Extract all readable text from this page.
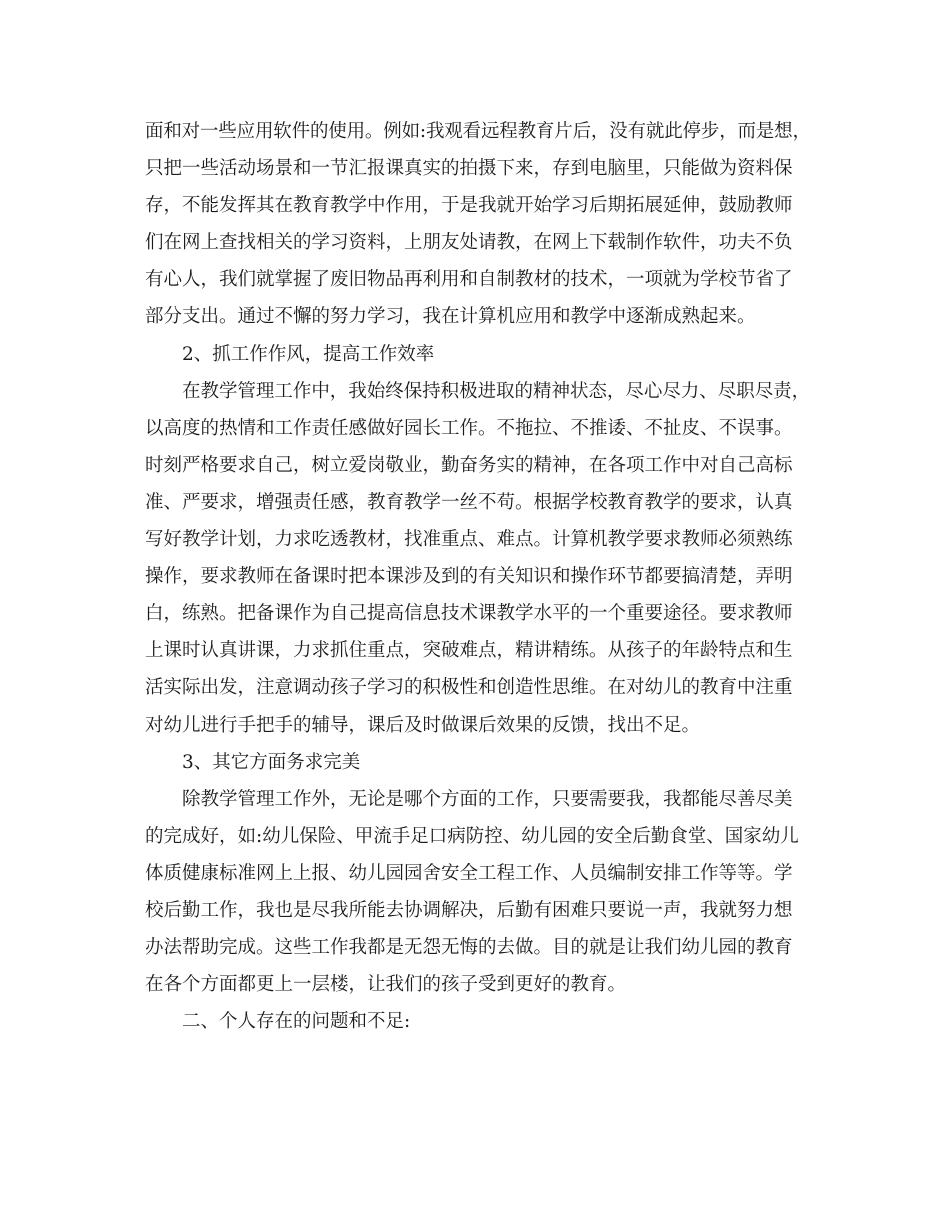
面和对一些应用软件的使用。例如:我观看远程教育片后，没有就此停步，而是想，
只把一些活动场景和一节汇报课真实的拍摄下来，存到电脑里，只能做为资料保
存，不能发挥其在教育教学中作用，于是我就开始学习后期拓展延伸，鼓励教师
们在网上查找相关的学习资料，上朋友处请教，在网上下载制作软件，功夫不负
有心人，我们就掌握了废旧物品再利用和自制教材的技术，一项就为学校节省了
部分支出。通过不懈的努力学习，我在计算机应用和教学中逐渐成熟起来。
2、抓工作作风，提高工作效率
在教学管理工作中，我始终保持积极进取的精神状态，尽心尽力、尽职尽责，
以高度的热情和工作责任感做好园长工作。不拖拉、不推诿、不扯皮、不误事。
时刻严格要求自己，树立爱岗敬业，勤奋务实的精神，在各项工作中对自己高标
准、严要求，增强责任感，教育教学一丝不苟。根据学校教育教学的要求，认真
写好教学计划，力求吃透教材，找准重点、难点。计算机教学要求教师必须熟练
操作，要求教师在备课时把本课涉及到的有关知识和操作环节都要搞清楚，弄明
白，练熟。把备课作为自己提高信息技术课教学水平的一个重要途径。要求教师
上课时认真讲课，力求抓住重点，突破难点，精讲精练。从孩子的年龄特点和生
活实际出发，注意调动孩子学习的积极性和创造性思维。在对幼儿的教育中注重
对幼儿进行手把手的辅导，课后及时做课后效果的反馈，找出不足。
3、其它方面务求完美
除教学管理工作外，无论是哪个方面的工作，只要需要我，我都能尽善尽美
的完成好，如:幼儿保险、甲流手足口病防控、幼儿园的安全后勤食堂、国家幼儿
体质健康标准网上上报、幼儿园园舍安全工程工作、人员编制安排工作等等。学
校后勤工作，我也是尽我所能去协调解决，后勤有困难只要说一声，我就努力想
办法帮助完成。这些工作我都是无怨无悔的去做。目的就是让我们幼儿园的教育
在各个方面都更上一层楼，让我们的孩子受到更好的教育。
二、个人存在的问题和不足:
